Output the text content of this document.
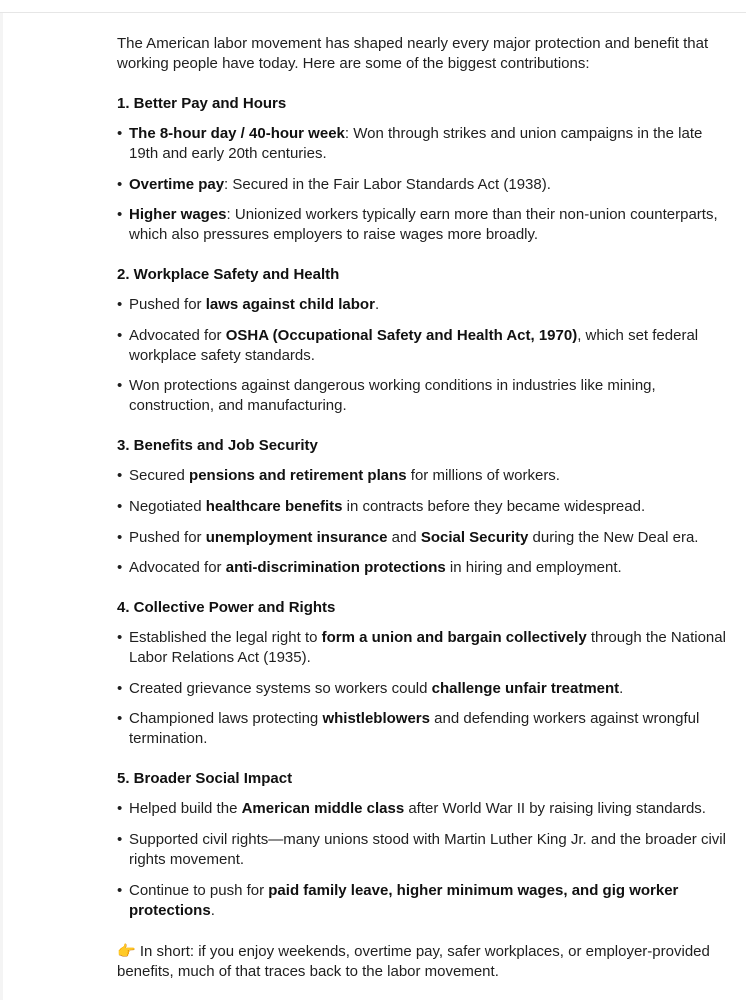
The American labor movement has shaped nearly every major protection and benefit that working people have today. Here are some of the biggest contributions:

1. Better Pay and Hours
• The 8-hour day / 40-hour week: Won through strikes and union campaigns in the late 19th and early 20th centuries.
• Overtime pay: Secured in the Fair Labor Standards Act (1938).
• Higher wages: Unionized workers typically earn more than their non-union counterparts, which also pressures employers to raise wages more broadly.
2. Workplace Safety and Health
• Pushed for laws against child labor.
• Advocated for OSHA (Occupational Safety and Health Act, 1970), which set federal workplace safety standards.
• Won protections against dangerous working conditions in industries like mining, construction, and manufacturing.
3. Benefits and Job Security
• Secured pensions and retirement plans for millions of workers.
• Negotiated healthcare benefits in contracts before they became widespread.
• Pushed for unemployment insurance and Social Security during the New Deal era.
• Advocated for anti-discrimination protections in hiring and employment.
4. Collective Power and Rights
• Established the legal right to form a union and bargain collectively through the National Labor Relations Act (1935).
• Created grievance systems so workers could challenge unfair treatment.
• Championed laws protecting whistleblowers and defending workers against wrongful termination.
5. Broader Social Impact
• Helped build the American middle class after World War II by raising living standards.
• Supported civil rights—many unions stood with Martin Luther King Jr. and the broader civil rights movement.
• Continue to push for paid family leave, higher minimum wages, and gig worker protections.

👉 In short: if you enjoy weekends, overtime pay, safer workplaces, or employer-provided benefits, much of that traces back to the labor movement.
